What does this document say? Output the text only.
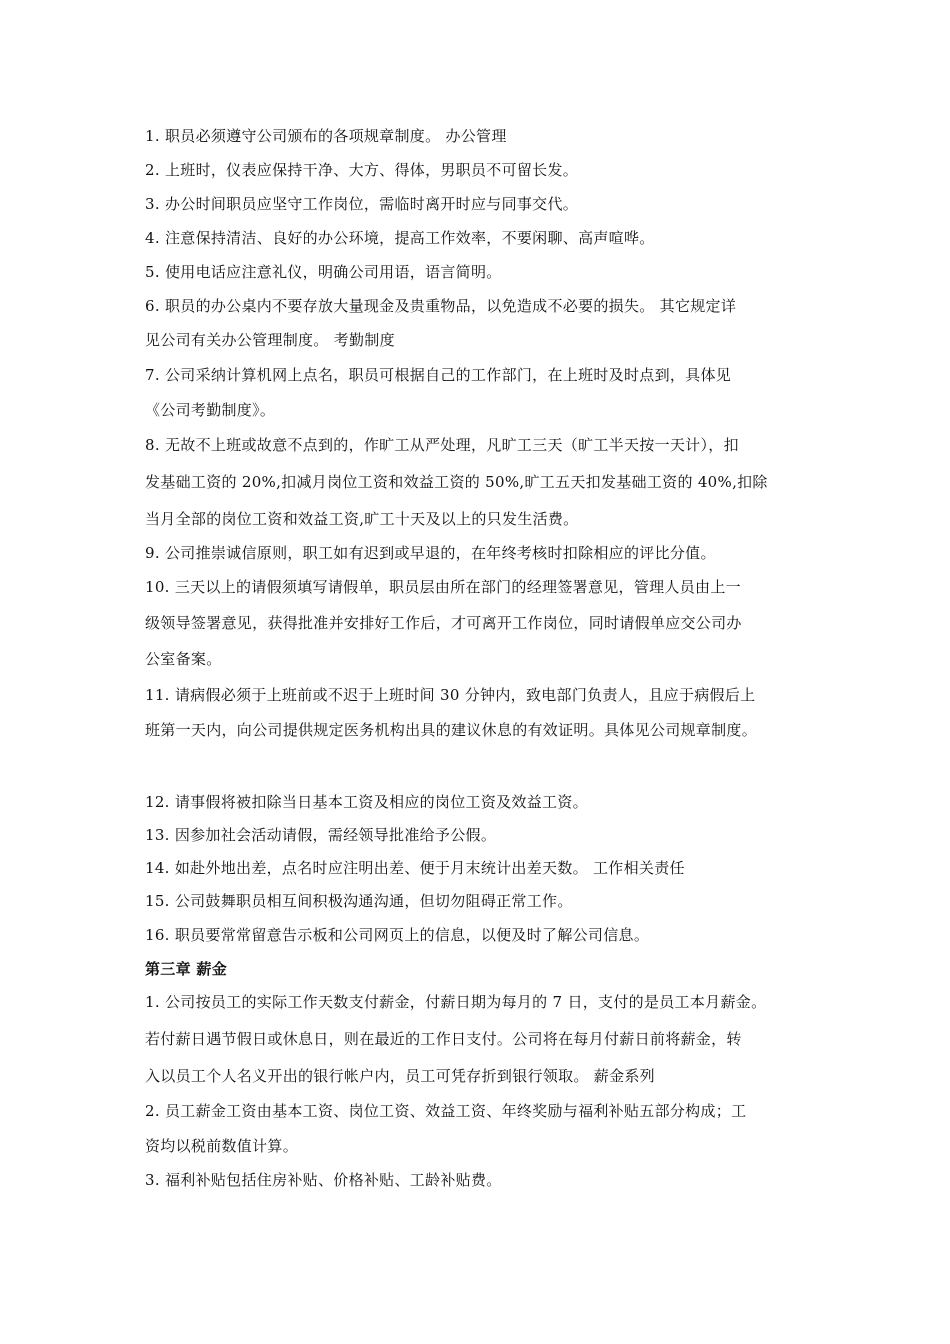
1. 职员必须遵守公司颁布的各项规章制度。 办公管理
2. 上班时，仪表应保持干净、大方、得体，男职员不可留长发。
3. 办公时间职员应坚守工作岗位，需临时离开时应与同事交代。
4. 注意保持清洁、良好的办公环境，提高工作效率，不要闲聊、高声喧哗。
5. 使用电话应注意礼仪，明确公司用语，语言简明。
6. 职员的办公桌内不要存放大量现金及贵重物品，以免造成不必要的损失。 其它规定详
见公司有关办公管理制度。 考勤制度
7. 公司采纳计算机网上点名，职员可根据自己的工作部门，在上班时及时点到，具体见
《公司考勤制度》。
8. 无故不上班或故意不点到的，作旷工从严处理，凡旷工三天（旷工半天按一天计），扣
发基础工资的 20%,扣减月岗位工资和效益工资的 50%,旷工五天扣发基础工资的 40%,扣除
当月全部的岗位工资和效益工资,旷工十天及以上的只发生活费。
9. 公司推崇诚信原则，职工如有迟到或早退的，在年终考核时扣除相应的评比分值。
10. 三天以上的请假须填写请假单，职员层由所在部门的经理签署意见，管理人员由上一
级领导签署意见，获得批准并安排好工作后，才可离开工作岗位，同时请假单应交公司办
公室备案。
11. 请病假必须于上班前或不迟于上班时间 30 分钟内，致电部门负责人，且应于病假后上
班第一天内，向公司提供规定医务机构出具的建议休息的有效证明。具体见公司规章制度。
12. 请事假将被扣除当日基本工资及相应的岗位工资及效益工资。
13. 因参加社会活动请假，需经领导批准给予公假。
14. 如赴外地出差，点名时应注明出差、便于月末统计出差天数。 工作相关责任
15. 公司鼓舞职员相互间积极沟通沟通，但切勿阻碍正常工作。
16. 职员要常常留意告示板和公司网页上的信息，以便及时了解公司信息。
第三章 薪金
1. 公司按员工的实际工作天数支付薪金，付薪日期为每月的 7 日，支付的是员工本月薪金。
若付薪日遇节假日或休息日，则在最近的工作日支付。公司将在每月付薪日前将薪金，转
入以员工个人名义开出的银行帐户内，员工可凭存折到银行领取。 薪金系列
2. 员工薪金工资由基本工资、岗位工资、效益工资、年终奖励与福利补贴五部分构成；工
资均以税前数值计算。
3. 福利补贴包括住房补贴、价格补贴、工龄补贴费。
